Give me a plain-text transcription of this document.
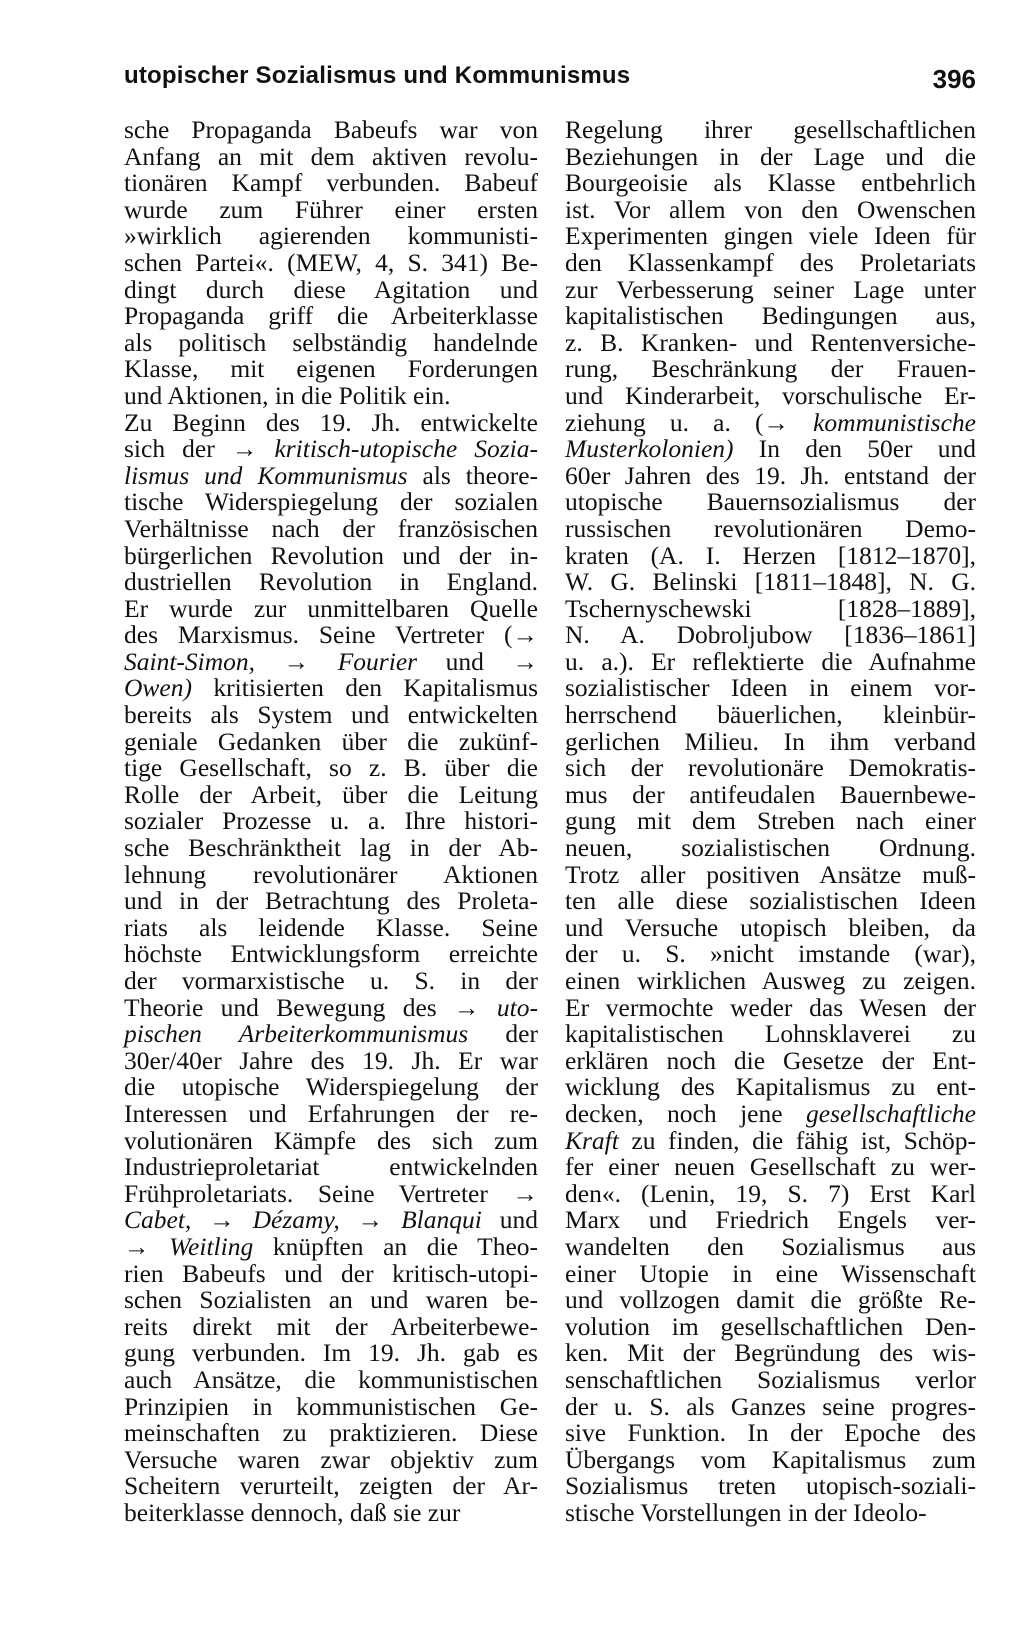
utopischer Sozialismus und Kommunismus	396
sche Propaganda Babeufs war von
Anfang an mit dem aktiven revolu-
tionären Kampf verbunden. Babeuf
wurde zum Führer einer ersten
»wirklich agierenden kommunisti-
schen Partei«. (MEW, 4, S. 341) Be-
dingt durch diese Agitation und
Propaganda griff die Arbeiterklasse
als politisch selbständig handelnde
Klasse, mit eigenen Forderungen
und Aktionen, in die Politik ein.
Zu Beginn des 19. Jh. entwickelte
sich der → kritisch-utopische Sozia-
lismus und Kommunismus als theore-
tische Widerspiegelung der sozialen
Verhältnisse nach der französischen
bürgerlichen Revolution und der in-
dustriellen Revolution in England.
Er wurde zur unmittelbaren Quelle
des Marxismus. Seine Vertreter (→
Saint-Simon, → Fourier und →
Owen) kritisierten den Kapitalismus
bereits als System und entwickelten
geniale Gedanken über die zukünf-
tige Gesellschaft, so z. B. über die
Rolle der Arbeit, über die Leitung
sozialer Prozesse u. a. Ihre histori-
sche Beschränktheit lag in der Ab-
lehnung revolutionärer Aktionen
und in der Betrachtung des Proleta-
riats als leidende Klasse. Seine
höchste Entwicklungsform erreichte
der vormarxistische u. S. in der
Theorie und Bewegung des → uto-
pischen Arbeiterkommunismus der
30er/40er Jahre des 19. Jh. Er war
die utopische Widerspiegelung der
Interessen und Erfahrungen der re-
volutionären Kämpfe des sich zum
Industrieproletariat entwickelnden
Frühproletariats. Seine Vertreter →
Cabet, → Dézamy, → Blanqui und
→ Weitling knüpften an die Theo-
rien Babeufs und der kritisch-utopi-
schen Sozialisten an und waren be-
reits direkt mit der Arbeiterbewe-
gung verbunden. Im 19. Jh. gab es
auch Ansätze, die kommunistischen
Prinzipien in kommunistischen Ge-
meinschaften zu praktizieren. Diese
Versuche waren zwar objektiv zum
Scheitern verurteilt, zeigten der Ar-
beiterklasse dennoch, daß sie zur
Regelung ihrer gesellschaftlichen
Beziehungen in der Lage und die
Bourgeoisie als Klasse entbehrlich
ist. Vor allem von den Owenschen
Experimenten gingen viele Ideen für
den Klassenkampf des Proletariats
zur Verbesserung seiner Lage unter
kapitalistischen Bedingungen aus,
z. B. Kranken- und Rentenversiche-
rung, Beschränkung der Frauen-
und Kinderarbeit, vorschulische Er-
ziehung u. a. (→ kommunistische
Musterkolonien) In den 50er und
60er Jahren des 19. Jh. entstand der
utopische Bauernsozialismus der
russischen revolutionären Demo-
kraten (A. I. Herzen [1812–1870],
W. G. Belinski [1811–1848], N. G.
Tschernyschewski [1828–1889],
N. A. Dobroljubow [1836–1861]
u. a.). Er reflektierte die Aufnahme
sozialistischer Ideen in einem vor-
herrschend bäuerlichen, kleinbür-
gerlichen Milieu. In ihm verband
sich der revolutionäre Demokratis-
mus der antifeudalen Bauernbewe-
gung mit dem Streben nach einer
neuen, sozialistischen Ordnung.
Trotz aller positiven Ansätze muß-
ten alle diese sozialistischen Ideen
und Versuche utopisch bleiben, da
der u. S. »nicht imstande (war),
einen wirklichen Ausweg zu zeigen.
Er vermochte weder das Wesen der
kapitalistischen Lohnsklaverei zu
erklären noch die Gesetze der Ent-
wicklung des Kapitalismus zu ent-
decken, noch jene gesellschaftliche
Kraft zu finden, die fähig ist, Schöp-
fer einer neuen Gesellschaft zu wer-
den«. (Lenin, 19, S. 7) Erst Karl
Marx und Friedrich Engels ver-
wandelten den Sozialismus aus
einer Utopie in eine Wissenschaft
und vollzogen damit die größte Re-
volution im gesellschaftlichen Den-
ken. Mit der Begründung des wis-
senschaftlichen Sozialismus verlor
der u. S. als Ganzes seine progres-
sive Funktion. In der Epoche des
Übergangs vom Kapitalismus zum
Sozialismus treten utopisch-soziali-
stische Vorstellungen in der Ideolo-
